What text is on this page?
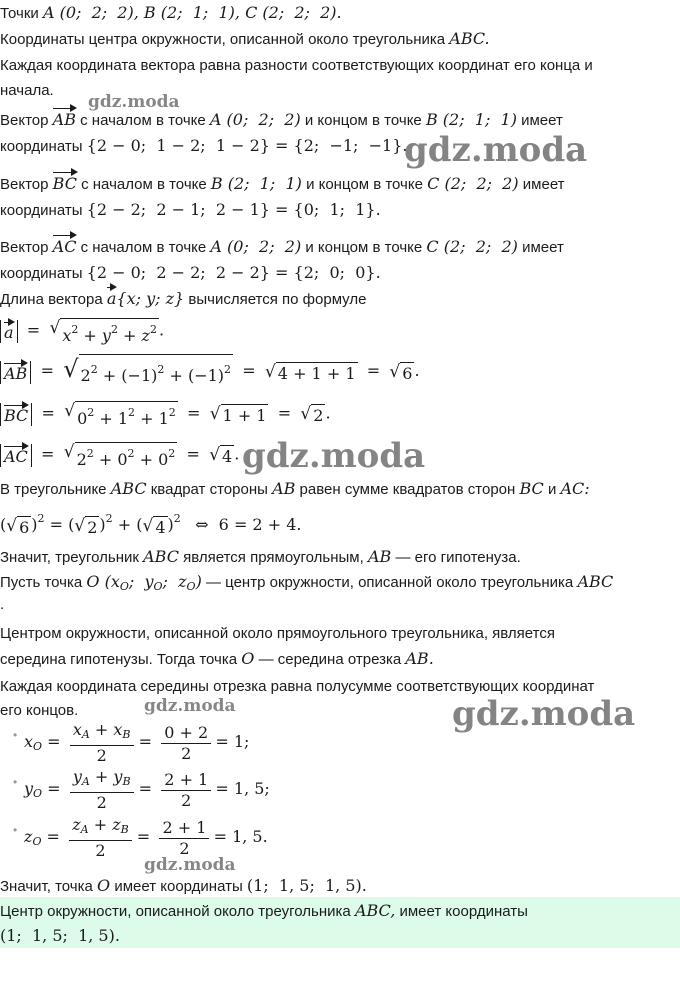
Точки A (0;  2;  2), B (2;  1;  1), C (2;  2;  2).
Координаты центра окружности, описанной около треугольника ABC.
Каждая координата вектора равна разности соответствующих координат его конца и
начала.
Вектор AB с началом в точке A (0;  2;  2) и концом в точке B (2;  1;  1) имеет
координаты {2 − 0;  1 − 2;  1 − 2} = {2;  −1;  −1}.
Вектор BC с началом в точке B (2;  1;  1) и концом в точке C (2;  2;  2) имеет
координаты {2 − 2;  2 − 1;  2 − 1} = {0;  1;  1}.
Вектор AC с началом в точке A (0;  2;  2) и концом в точке C (2;  2;  2) имеет
координаты {2 − 0;  2 − 2;  2 − 2} = {2;  0;  0}.
Длина вектора a{x; y; z} вычисляется по формуле
a  = √ $x^2 + y^2 + z^2$ .
AB  = √ $2^2 + (-1)^2 + (-1)^2$ = √ 4 + 1 + 1 = √ 6 .
BC  = √ $0^2 + 1^2 + 1^2$ = √ 1 + 1 = √ 2 .
AC  = √ $2^2 + 0^2 + 0^2$ = √ 4 .
В треугольнике ABC квадрат стороны AB равен сумме квадратов сторон BC и AC:
( √ 6 )$^2$ = ( √ 2 )$^2$ + ( √ 4 )$^2$ ⇔  6 = 2 + 4.
Значит, треугольник ABC является прямоугольным, AB — его гипотенуза.
Пусть точка O ($x_O$;  $y_O$;  $z_O$) — центр окружности, описанной около треугольника ABC
.
Центром окружности, описанной около прямоугольного треугольника, является
середина гипотенузы. Тогда точка O — середина отрезка AB.
Каждая координата середины отрезка равна полусумме соответствующих координат
его концов.
• $x_O = \frac{x_A + x_B}{2} = \frac{0 + 2}{2} = 1$;
• $y_O = \frac{y_A + y_B}{2} = \frac{2 + 1}{2} = 1$, 5;
• $z_O = \frac{z_A + z_B}{2} = \frac{2 + 1}{2} = 1$, 5.
Значит, точка O имеет координаты (1;  1, 5;  1, 5).
Центр окружности, описанной около треугольника ABC, имеет координаты
(1;  1, 5;  1, 5).
gdz.moda
gdz.moda
gdz.moda
gdz.moda	gdz.moda
gdz.moda
